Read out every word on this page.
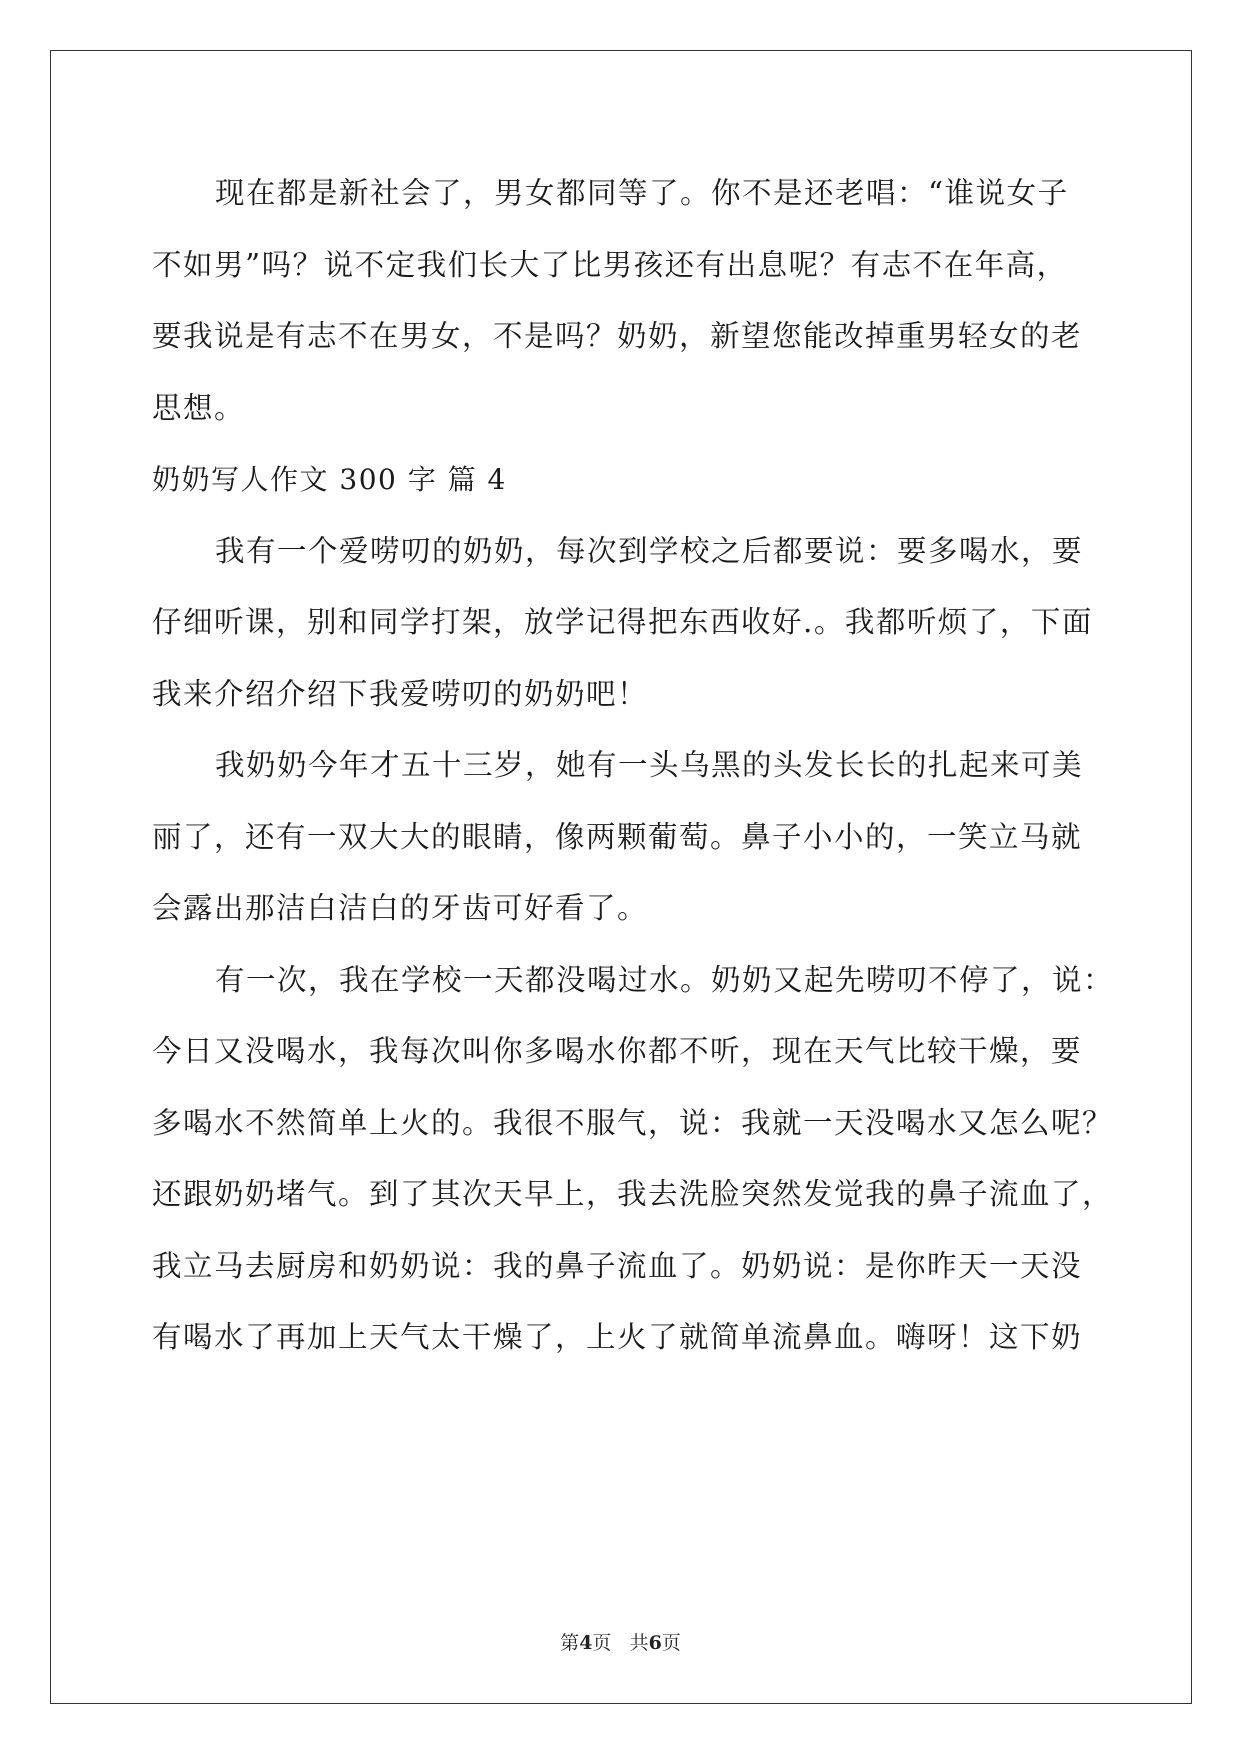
现在都是新社会了，男女都同等了。你不是还老唱：“谁说女子
不如男”吗？说不定我们长大了比男孩还有出息呢？有志不在年高，
要我说是有志不在男女，不是吗？奶奶，新望您能改掉重男轻女的老
思想。
奶奶写人作文 300 字 篇 4
我有一个爱唠叨的奶奶，每次到学校之后都要说：要多喝水，要
仔细听课，别和同学打架，放学记得把东西收好.。我都听烦了，下面
我来介绍介绍下我爱唠叨的奶奶吧！
我奶奶今年才五十三岁，她有一头乌黑的头发长长的扎起来可美
丽了，还有一双大大的眼睛，像两颗葡萄。鼻子小小的，一笑立马就
会露出那洁白洁白的牙齿可好看了。
有一次，我在学校一天都没喝过水。奶奶又起先唠叨不停了，说：
今日又没喝水，我每次叫你多喝水你都不听，现在天气比较干燥，要
多喝水不然简单上火的。我很不服气，说：我就一天没喝水又怎么呢？
还跟奶奶堵气。到了其次天早上，我去洗脸突然发觉我的鼻子流血了，
我立马去厨房和奶奶说：我的鼻子流血了。奶奶说：是你昨天一天没
有喝水了再加上天气太干燥了，上火了就简单流鼻血。嗨呀！这下奶
第4页 共6页
